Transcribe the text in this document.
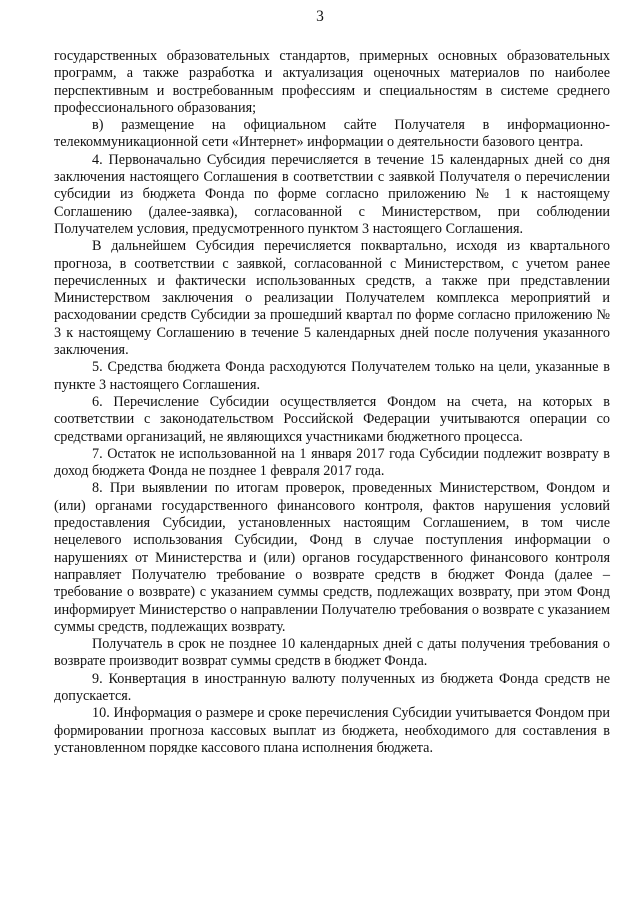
3

государственных образовательных стандартов, примерных основных образовательных программ, а также разработка и актуализация оценочных материалов по наиболее перспективным и востребованным профессиям и специальностям в системе среднего профессионального образования;

в) размещение на официальном сайте Получателя в информационно-телекоммуникационной сети «Интернет» информации о деятельности базового центра.

4. Первоначально Субсидия перечисляется в течение 15 календарных дней со дня заключения настоящего Соглашения в соответствии с заявкой Получателя о перечислении субсидии из бюджета Фонда по форме согласно приложению № 1 к настоящему Соглашению (далее-заявка), согласованной с Министерством, при соблюдении Получателем условия, предусмотренного пунктом 3 настоящего Соглашения.

В дальнейшем Субсидия перечисляется поквартально, исходя из квартального прогноза, в соответствии с заявкой, согласованной с Министерством, с учетом ранее перечисленных и фактически использованных средств, а также при представлении Министерством заключения о реализации Получателем комплекса мероприятий и расходовании средств Субсидии за прошедший квартал по форме согласно приложению № 3 к настоящему Соглашению в течение 5 календарных дней после получения указанного заключения.

5. Средства бюджета Фонда расходуются Получателем только на цели, указанные в пункте 3 настоящего Соглашения.

6. Перечисление Субсидии осуществляется Фондом на счета, на которых в соответствии с законодательством Российской Федерации учитываются операции со средствами организаций, не являющихся участниками бюджетного процесса.

7. Остаток не использованной на 1 января 2017 года Субсидии подлежит возврату в доход бюджета Фонда не позднее 1 февраля 2017 года.

8. При выявлении по итогам проверок, проведенных Министерством, Фондом и (или) органами государственного финансового контроля, фактов нарушения условий предоставления Субсидии, установленных настоящим Соглашением, в том числе нецелевого использования Субсидии, Фонд в случае поступления информации о нарушениях от Министерства и (или) органов государственного финансового контроля направляет Получателю требование о возврате средств в бюджет Фонда (далее – требование о возврате) с указанием суммы средств, подлежащих возврату, при этом Фонд информирует Министерство о направлении Получателю требования о возврате с указанием суммы средств, подлежащих возврату.

Получатель в срок не позднее 10 календарных дней с даты получения требования о возврате производит возврат суммы средств в бюджет Фонда.

9. Конвертация в иностранную валюту полученных из бюджета Фонда средств не допускается.

10. Информация о размере и сроке перечисления Субсидии учитывается Фондом при формировании прогноза кассовых выплат из бюджета, необходимого для составления в установленном порядке кассового плана исполнения бюджета.
